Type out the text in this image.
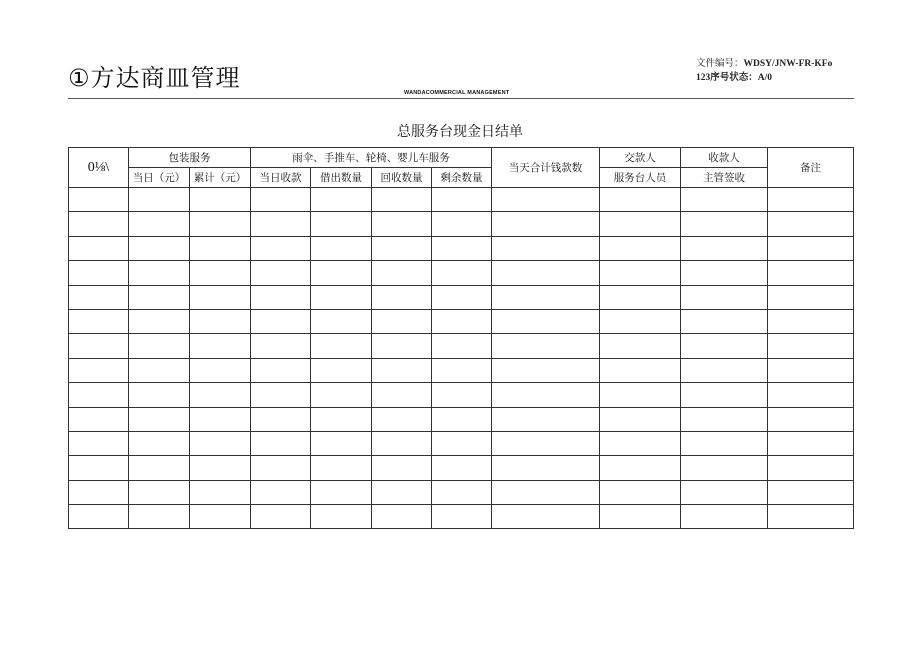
①方达商皿管理	文件编号：WDSY/JNW-FR-KFo
123序号状态：A/0
WANDACOMMERCIAL MANAGEMENT
总服务台现金日结单
0⅛\	包装服务		雨伞、手推车、轮椅、婴儿车服务				当天合计钱款数	交款人	收款人	备注
	当日（元）	累计（元）	当日收款	借出数量	回收数量	剩余数量		服务台人员	主管签收	
